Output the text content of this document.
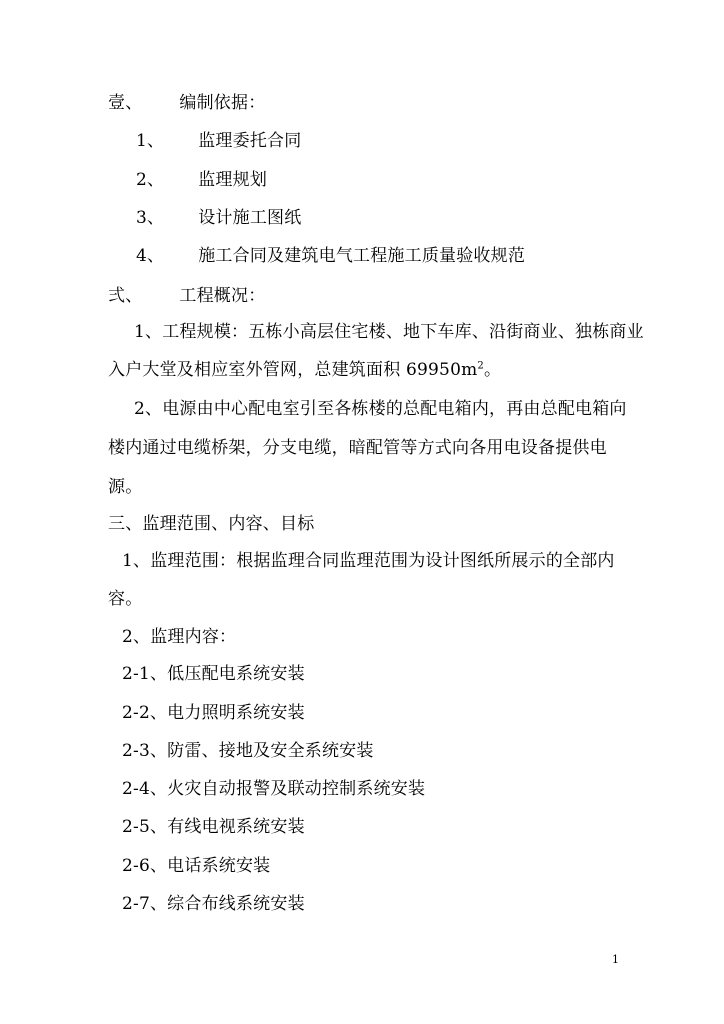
壹、 编制依据：
1、 监理委托合同
2、 监理规划
3、 设计施工图纸
4、 施工合同及建筑电气工程施工质量验收规范
弍、 工程概况：
1、工程规模：五栋小高层住宅楼、地下车库、沿街商业、独栋商业
入户大堂及相应室外管网，总建筑面积 $69950m^2$。
2、电源由中心配电室引至各栋楼的总配电箱内，再由总配电箱向
楼内通过电缆桥架，分支电缆，暗配管等方式向各用电设备提供电
源。
三、监理范围、内容、目标
1、监理范围：根据监理合同监理范围为设计图纸所展示的全部内
容。
2、监理内容：
2-1、低压配电系统安装
2-2、电力照明系统安装
2-3、防雷、接地及安全系统安装
2-4、火灾自动报警及联动控制系统安装
2-5、有线电视系统安装
2-6、电话系统安装
2-7、综合布线系统安装
1
